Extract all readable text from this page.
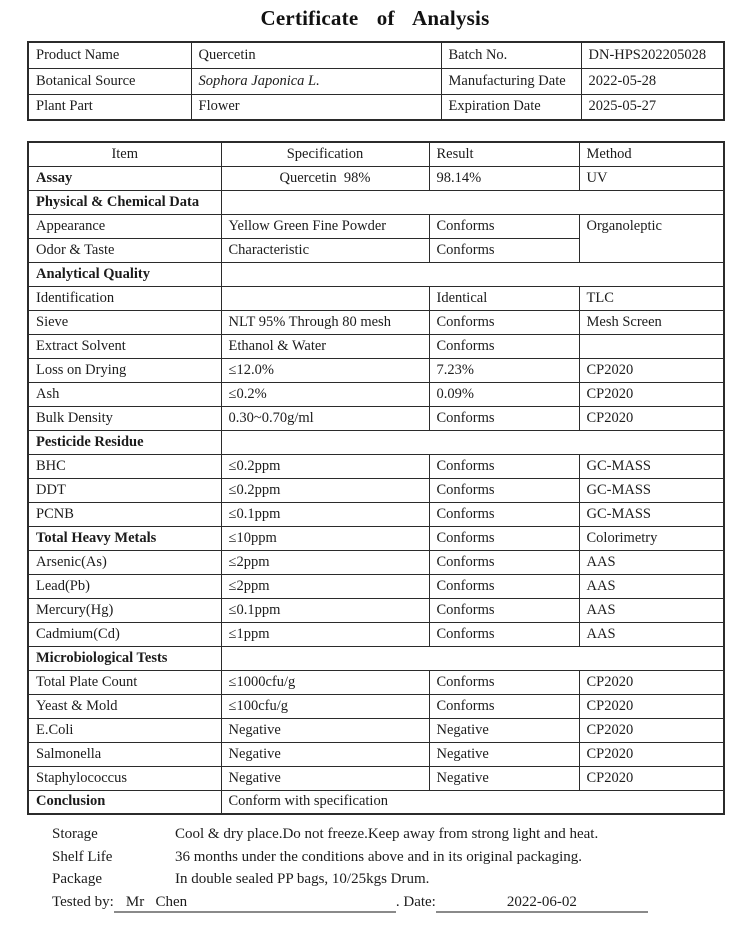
Certificate of Analysis
Product Name	Quercetin	Batch No.	DN-HPS202205028
Botanical Source	Sophora Japonica L.	Manufacturing Date	2022-05-28
Plant Part	Flower	Expiration Date	2025-05-27
Item	Specification	Result	Method
Assay	Quercetin  98%	98.14%	UV
Physical & Chemical Data			
Appearance	Yellow Green Fine Powder	Conforms	Organoleptic
Odor & Taste	Characteristic	Conforms	
Analytical Quality			
Identification		Identical	TLC
Sieve	NLT 95% Through 80 mesh	Conforms	Mesh Screen
Extract Solvent	Ethanol & Water	Conforms	
Loss on Drying	≤12.0%	7.23%	CP2020
Ash	≤0.2%	0.09%	CP2020
Bulk Density	0.30~0.70g/ml	Conforms	CP2020
Pesticide Residue			
BHC	≤0.2ppm	Conforms	GC-MASS
DDT	≤0.2ppm	Conforms	GC-MASS
PCNB	≤0.1ppm	Conforms	GC-MASS
Total Heavy Metals	≤10ppm	Conforms	Colorimetry
Arsenic(As)	≤2ppm	Conforms	AAS
Lead(Pb)	≤2ppm	Conforms	AAS
Mercury(Hg)	≤0.1ppm	Conforms	AAS
Cadmium(Cd)	≤1ppm	Conforms	AAS
Microbiological Tests			
Total Plate Count	≤1000cfu/g	Conforms	CP2020
Yeast & Mold	≤100cfu/g	Conforms	CP2020
E.Coli	Negative	Negative	CP2020
Salmonella	Negative	Negative	CP2020
Staphylococcus	Negative	Negative	CP2020
Conclusion	Conform with specification		
Storage	Cool & dry place.Do not freeze.Keep away from strong light and heat.
Shelf Life	36 months under the conditions above and in its original packaging.
Package	In double sealed PP bags, 10/25kgs Drum.
Tested by: Mr   Chen	. Date:	2022-06-02
